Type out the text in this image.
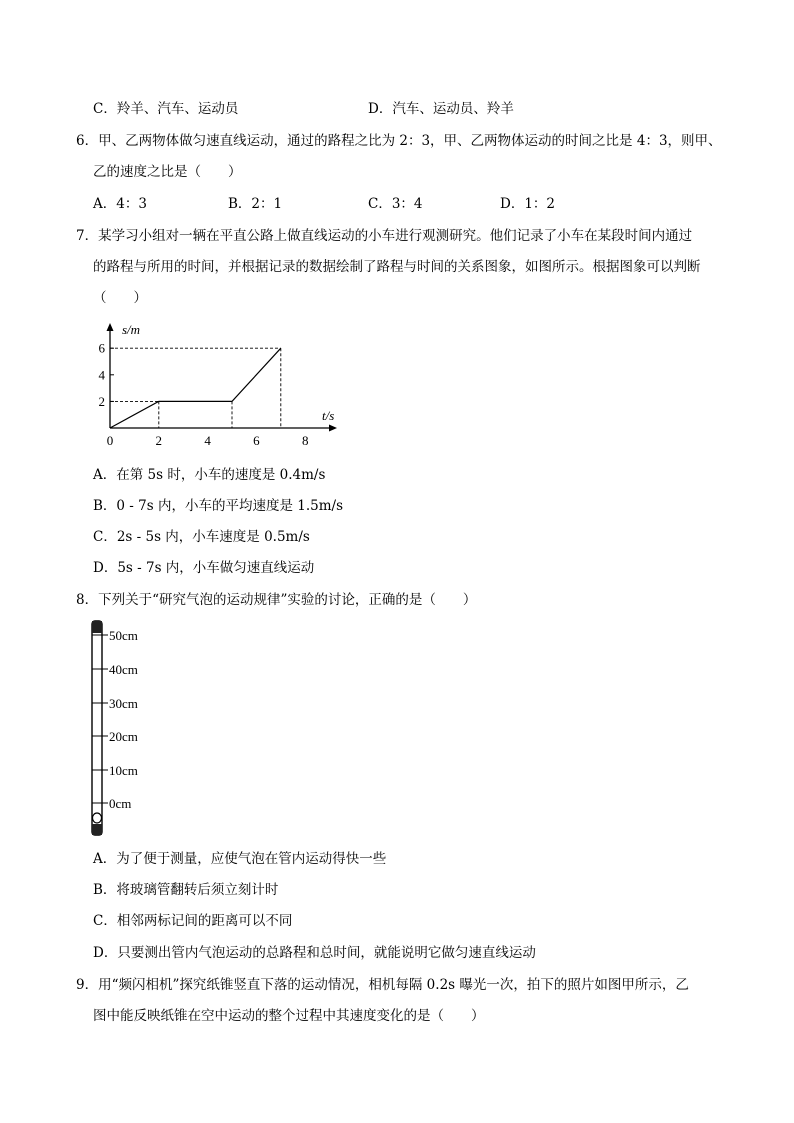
C．羚羊、汽车、运动员	D．汽车、运动员、羚羊
6．甲、乙两物体做匀速直线运动，通过的路程之比为 2：3，甲、乙两物体运动的时间之比是 4：3，则甲、
乙的速度之比是（　　）
A．4：3	B．2：1	C．3：4	D．1：2
7．某学习小组对一辆在平直公路上做直线运动的小车进行观测研究。他们记录了小车在某段时间内通过
的路程与所用的时间，并根据记录的数据绘制了路程与时间的关系图象，如图所示。根据图象可以判断
（　　）
s/m
t/s
0	2	4	6	8
2
4
6
A．在第 5s 时，小车的速度是 0.4m/s
B．0 - 7s 内，小车的平均速度是 1.5m/s
C．2s - 5s 内，小车速度是 0.5m/s
D．5s - 7s 内，小车做匀速直线运动
8．下列关于“研究气泡的运动规律”实验的讨论，正确的是（　　）
50cm
40cm
30cm
20cm
10cm
0cm
A．为了便于测量，应使气泡在管内运动得快一些
B．将玻璃管翻转后须立刻计时
C．相邻两标记间的距离可以不同
D．只要测出管内气泡运动的总路程和总时间，就能说明它做匀速直线运动
9．用“频闪相机”探究纸锥竖直下落的运动情况，相机每隔 0.2s 曝光一次，拍下的照片如图甲所示，乙
图中能反映纸锥在空中运动的整个过程中其速度变化的是（　　）
